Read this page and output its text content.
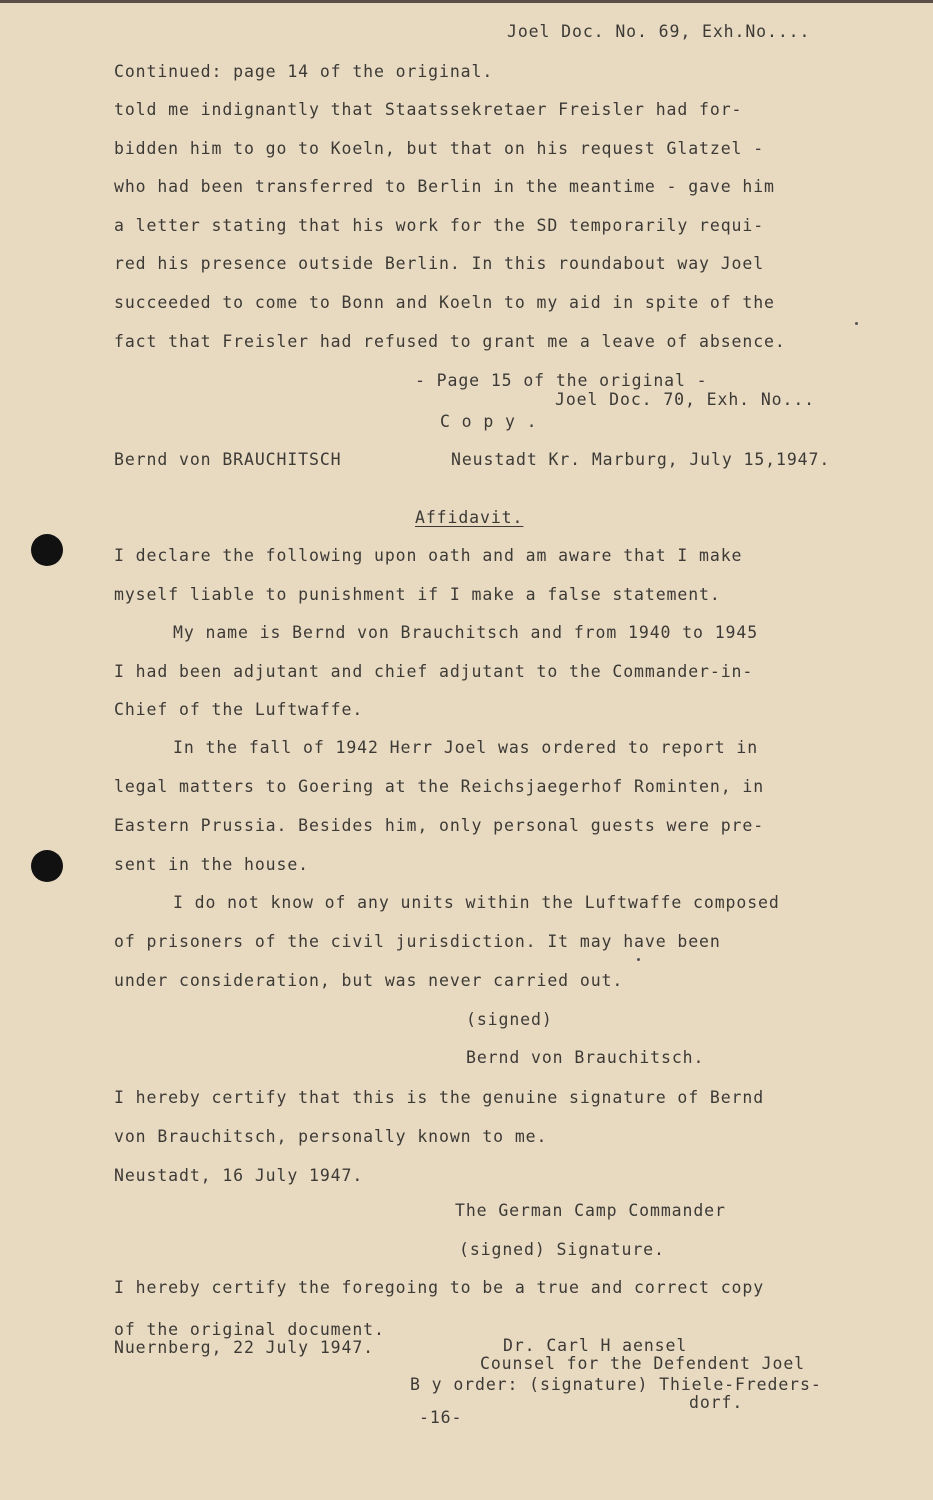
Joel Doc. No. 69, Exh.No....
Continued: page 14 of the original.
told me indignantly that Staatssekretaer Freisler had for-
bidden him to go to Koeln, but that on his request Glatzel -
who had been transferred to Berlin in the meantime - gave him
a letter stating that his work for the SD temporarily requi-
red his presence outside Berlin. In this roundabout way Joel
succeeded to come to Bonn and Koeln to my aid in spite of the
fact that Freisler had refused to grant me a leave of absence.
- Page 15 of the original -
Joel Doc. 70, Exh. No...
C o p y .
Bernd von BRAUCHITSCH	Neustadt Kr. Marburg, July 15,1947.
Affidavit.
I declare the following upon oath and am aware that I make
myself liable to punishment if I make a false statement.
My name is Bernd von Brauchitsch and from 1940 to 1945
I had been adjutant and chief adjutant to the Commander-in-
Chief of the Luftwaffe.
In the fall of 1942 Herr Joel was ordered to report in
legal matters to Goering at the Reichsjaegerhof Rominten, in
Eastern Prussia. Besides him, only personal guests were pre-
sent in the house.
I do not know of any units within the Luftwaffe composed
of prisoners of the civil jurisdiction. It may have been
under consideration, but was never carried out.
(signed)
Bernd von Brauchitsch.
I hereby certify that this is the genuine signature of Bernd
von Brauchitsch, personally known to me.
Neustadt, 16 July 1947.
The German Camp Commander
(signed) Signature.
I hereby certify the foregoing to be a true and correct copy
of the original document.
Nuernberg, 22 July 1947.	Dr. Carl H aensel
Counsel for the Defendent Joel
B y order: (signature) Thiele-Freders-
dorf.
-16-
